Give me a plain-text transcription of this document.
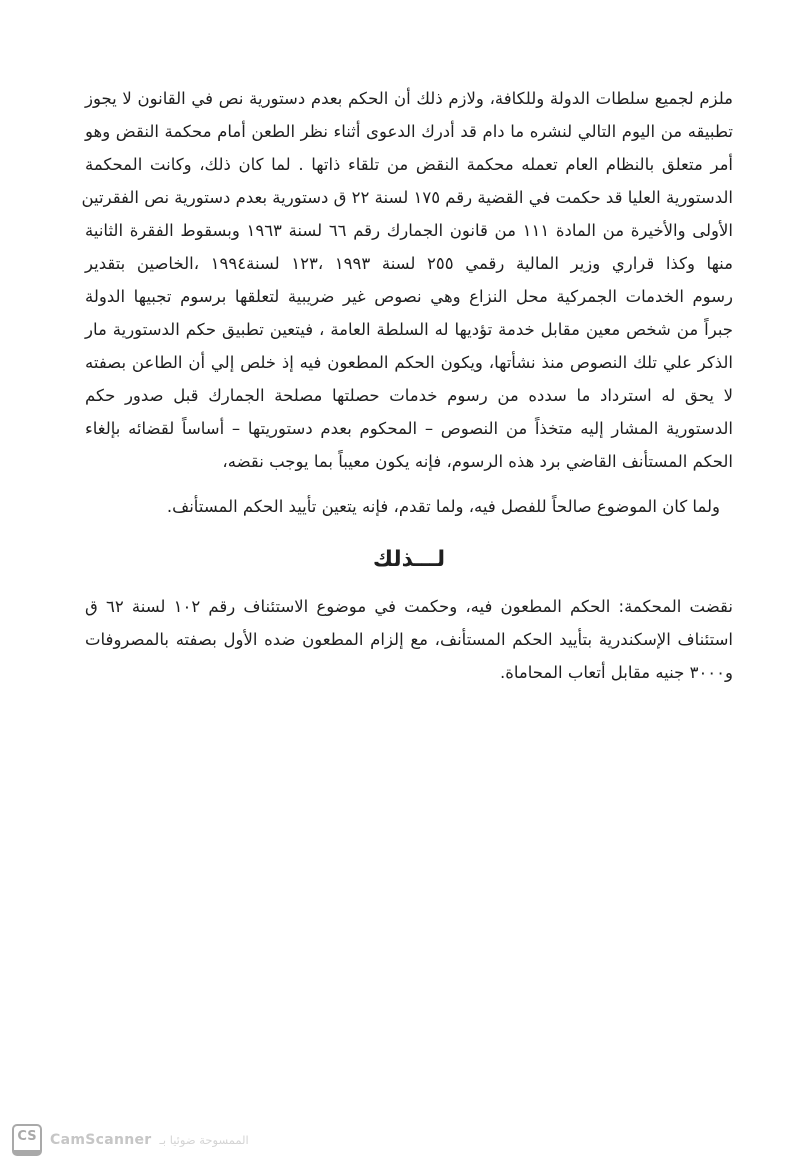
ملزم لجميع سلطات الدولة وللكافة، ولازم ذلك أن الحكم بعدم دستورية نص في القانون لا يجوز
تطبيقه من اليوم التالي لنشره ما دام قد أدرك الدعوى أثناء نظر الطعن أمام محكمة النقض وهو
أمر متعلق بالنظام العام تعمله محكمة النقض من تلقاء ذاتها . لما كان ذلك، وكانت المحكمة
الدستورية العليا قد حكمت في القضية رقم ١٧٥ لسنة ٢٢ ق دستورية بعدم دستورية نص الفقرتين
الأولى والأخيرة من المادة ١١١ من قانون الجمارك رقم ٦٦ لسنة ١٩٦٣ وبسقوط الفقرة الثانية
منها وكذا قراري وزير المالية رقمي ٢٥٥ لسنة ١٩٩٣ ،١٢٣ لسنة١٩٩٤ ،الخاصين بتقدير
رسوم الخدمات الجمركية محل النزاع وهي نصوص غير ضريبية لتعلقها برسوم تجبيها الدولة
جبراً من شخص معين مقابل خدمة تؤديها له السلطة العامة ، فيتعين تطبيق حكم الدستورية مار
الذكر علي تلك النصوص منذ نشأتها، ويكون الحكم المطعون فيه إذ خلص إلي أن الطاعن بصفته
لا يحق له استرداد ما سدده من رسوم خدمات حصلتها مصلحة الجمارك قبل صدور حكم
الدستورية المشار إليه متخذاً من النصوص – المحكوم بعدم دستوريتها – أساساً لقضائه بإلغاء
الحكم المستأنف القاضي برد هذه الرسوم، فإنه يكون معيباً بما يوجب نقضه،
ولما كان الموضوع صالحاً للفصل فيه، ولما تقدم، فإنه يتعين تأييد الحكم المستأنف.
لـــذلك
نقضت المحكمة: الحكم المطعون فيه، وحكمت في موضوع الاستئناف رقم ١٠٢ لسنة ٦٢ ق
استئناف الإسكندرية بتأييد الحكم المستأنف، مع إلزام المطعون ضده الأول بصفته بالمصروفات
و٣٠٠٠ جنيه مقابل أتعاب المحاماة.
CS CamScanner الممسوحة ضوئيا بـ
